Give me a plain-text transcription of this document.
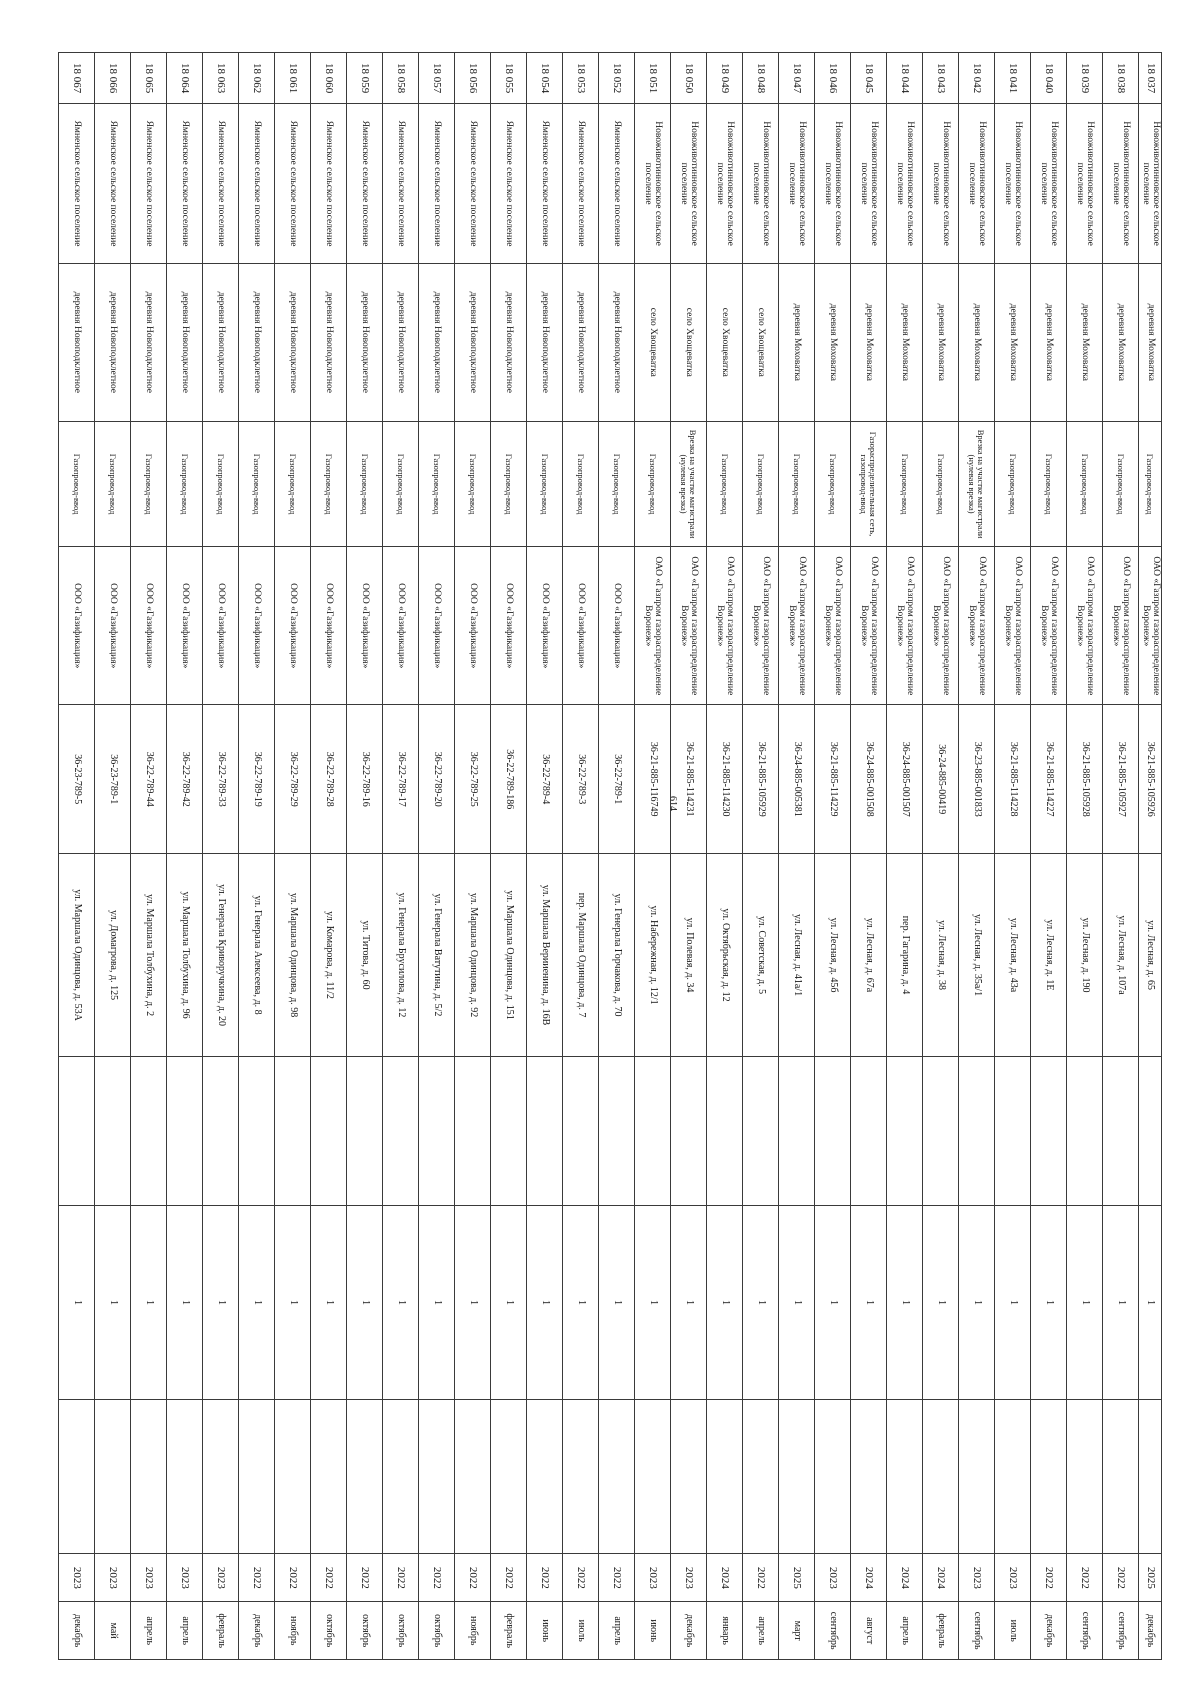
614
18 037	Новоживотинновское сельское поселение	деревня Моховатка	Газопровод-ввод	ОАО «Газпром газораспределение Воронеж»	36-21-885-105926	ул. Лесная, д. 65		1		2025	декабрь
18 038	Новоживотинновское сельское поселение	деревня Моховатка	Газопровод-ввод	ОАО «Газпром газораспределение Воронеж»	36-21-885-105927	ул. Лесная, д. 107а		1		2022	сентябрь
18 039	Новоживотинновское сельское поселение	деревня Моховатка	Газопровод-ввод	ОАО «Газпром газораспределение Воронеж»	36-21-885-105928	ул. Лесная, д. 190		1		2022	сентябрь
18 040	Новоживотинновское сельское поселение	деревня Моховатка	Газопровод-ввод	ОАО «Газпром газораспределение Воронеж»	36-21-885-114227	ул. Лесная, д. 1Е		1		2022	декабрь
18 041	Новоживотинновское сельское поселение	деревня Моховатка	Газопровод-ввод	ОАО «Газпром газораспределение Воронеж»	36-21-885-114228	ул. Лесная, д. 43а		1		2023	июль
18 042	Новоживотинновское сельское поселение	деревня Моховатка	Врезка на участке магистрали (нулевая врезка)	ОАО «Газпром газораспределение Воронеж»	36-23-885-001833	ул. Лесная, д. 35а/1		1		2023	сентябрь
18 043	Новоживотинновское сельское поселение	деревня Моховатка	Газопровод-ввод	ОАО «Газпром газораспределение Воронеж»	36-24-885-00419	ул. Лесная, д. 38		1		2024	февраль
18 044	Новоживотинновское сельское поселение	деревня Моховатка	Газопровод-ввод	ОАО «Газпром газораспределение Воронеж»	36-24-885-001507	пер. Гагарина, д. 4		1		2024	апрель
18 045	Новоживотинновское сельское поселение	деревня Моховатка	Газораспределительная сеть, газопровод-ввод	ОАО «Газпром газораспределение Воронеж»	36-24-885-001508	ул. Лесная, д. 67а		1		2024	август
18 046	Новоживотинновское сельское поселение	деревня Моховатка	Газопровод-ввод	ОАО «Газпром газораспределение Воронеж»	36-21-885-114229	ул. Лесная, д. 45б		1		2023	сентябрь
18 047	Новоживотинновское сельское поселение	деревня Моховатка	Газопровод-ввод	ОАО «Газпром газораспределение Воронеж»	36-24-885-005381	ул. Лесная, д. 41а/1		1		2025	март
18 048	Новоживотинновское сельское поселение	село Хвощеватка	Газопровод-ввод	ОАО «Газпром газораспределение Воронеж»	36-21-885-105929	ул. Советская, д. 5		1		2022	апрель
18 049	Новоживотинновское сельское поселение	село Хвощеватка	Газопровод-ввод	ОАО «Газпром газораспределение Воронеж»	36-21-885-114230	ул. Октябрьская, д. 12		1		2024	январь
18 050	Новоживотинновское сельское поселение	село Хвощеватка	Врезка на участке магистрали (нулевая врезка)	ОАО «Газпром газораспределение Воронеж»	36-21-885-114231	ул. Полевая, д. 34		1		2023	декабрь
18 051	Новоживотинновское сельское поселение	село Хвощеватка	Газопровод-ввод	ОАО «Газпром газораспределение Воронеж»	36-21-885-116749	ул. Набережная, д. 12/1		1		2023	июнь
18 052	Ямненское сельское поселение	деревня Новоподклетное	Газопровод-ввод	ООО «Газификация»	36-22-789-1	ул. Генерала Горчакова, д. 70		1		2022	апрель
18 053	Ямненское сельское поселение	деревня Новоподклетное	Газопровод-ввод	ООО «Газификация»	36-22-789-3	пер. Маршала Одинцова, д. 7		1		2022	июль
18 054	Ямненское сельское поселение	деревня Новоподклетное	Газопровод-ввод	ООО «Газификация»	36-22-789-4	ул. Маршала Верииенина, д. 16В		1		2022	июнь
18 055	Ямненское сельское поселение	деревня Новоподклетное	Газопровод-ввод	ООО «Газификация»	36-22-789-186	ул. Маршала Одинцова, д. 151		1		2022	февраль
18 056	Ямненское сельское поселение	деревня Новоподклетное	Газопровод-ввод	ООО «Газификация»	36-22-789-25	ул. Маршала Одинцова, д. 92		1		2022	ноябрь
18 057	Ямненское сельское поселение	деревня Новоподклетное	Газопровод-ввод	ООО «Газификация»	36-22-789-20	ул. Генерала Ватутина, д. 5/2		1		2022	октябрь
18 058	Ямненское сельское поселение	деревня Новоподклетное	Газопровод-ввод	ООО «Газификация»	36-22-789-17	ул. Генерала Брусилова, д. 12		1		2022	октябрь
18 059	Ямненское сельское поселение	деревня Новоподклетное	Газопровод-ввод	ООО «Газификация»	36-22-789-16	ул. Титова, д. 60		1		2022	октябрь
18 060	Ямненское сельское поселение	деревня Новоподклетное	Газопровод-ввод	ООО «Газификация»	36-22-789-28	ул. Комарова, д. 11/2		1		2022	октябрь
18 061	Ямненское сельское поселение	деревня Новоподклетное	Газопровод-ввод	ООО «Газификация»	36-22-789-29	ул. Маршала Одинцова, д. 98		1		2022	ноябрь
18 062	Ямненское сельское поселение	деревня Новоподклетное	Газопровод-ввод	ООО «Газификация»	36-22-789-19	ул. Генерала Алексеева, д. 8		1		2022	декабрь
18 063	Ямненское сельское поселение	деревня Новоподклетное	Газопровод-ввод	ООО «Газификация»	36-22-789-33	ул. Генерала Криворучкина, д. 20		1		2023	февраль
18 064	Ямненское сельское поселение	деревня Новоподклетное	Газопровод-ввод	ООО «Газификация»	36-22-789-42	ул. Маршала Толбухина, д. 96		1		2023	апрель
18 065	Ямненское сельское поселение	деревня Новоподклетное	Газопровод-ввод	ООО «Газификация»	36-22-789-44	ул. Маршала Толбухина, д. 2		1		2023	апрель
18 066	Ямненское сельское поселение	деревня Новоподклетное	Газопровод-ввод	ООО «Газификация»	36-23-789-1	ул. Домагрова, д. 125		1		2023	май
18 067	Ямненское сельское поселение	деревня Новоподклетное	Газопровод-ввод	ООО «Газификация»	36-23-789-5	ул. Маршала Одинцова, д. 53А		1		2023	декабрь
